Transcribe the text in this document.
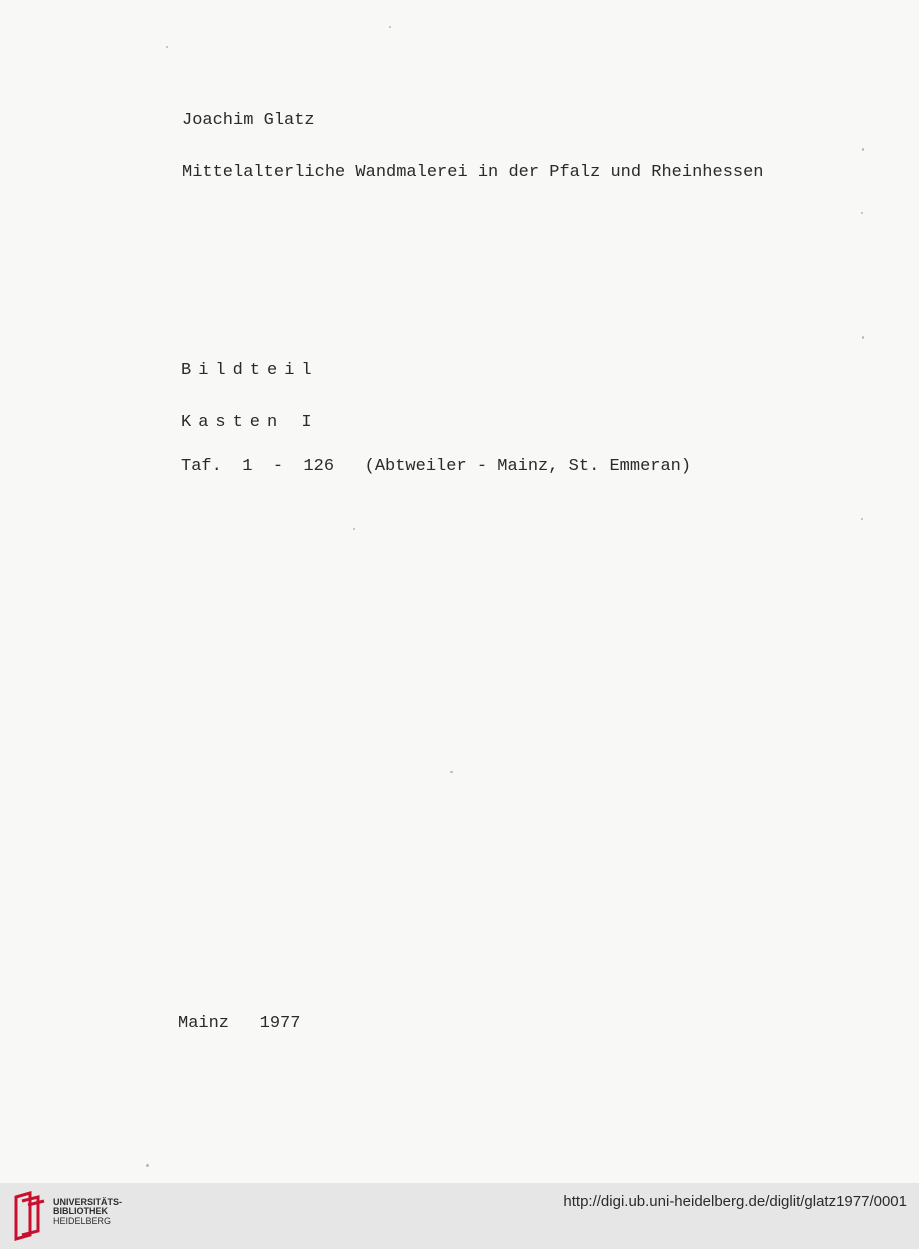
Joachim Glatz
Mittelalterliche Wandmalerei in der Pfalz und Rheinhessen
Bildteil
Kasten I
Taf.  1  -  126   (Abtweiler - Mainz, St. Emmeran)
Mainz   1977
UNIVERSITÄTS-
BIBLIOTHEK
HEIDELBERG
http://digi.ub.uni-heidelberg.de/diglit/glatz1977/0001
